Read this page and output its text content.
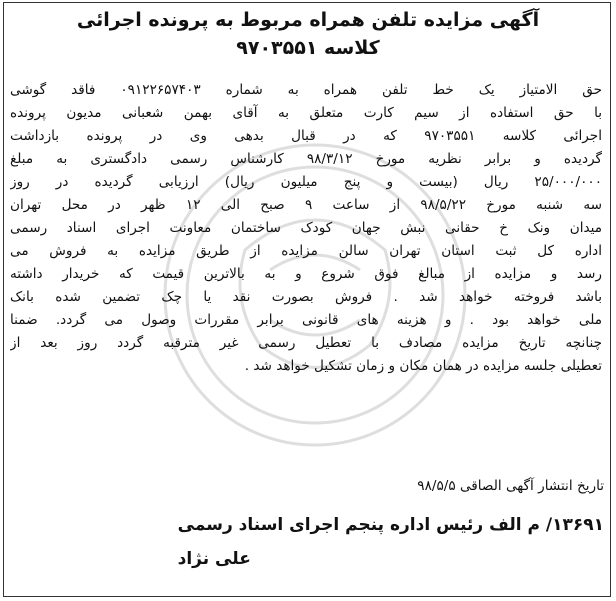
آگهی مزایده تلفن همراه مربوط به پرونده اجرائی
کلاسه ۹۷۰۳۵۵۱
حق الامتیاز یک خط تلفن همراه به شماره ۰۹۱۲۲۶۵۷۴۰۳ فاقد گوشی
با حق استفاده از سیم کارت متعلق به آقای بهمن شعبانی مدیون پرونده
اجرائی کلاسه ۹۷۰۳۵۵۱ که در قبال بدهی وی در پرونده بازداشت
گردیده و برابر نظریه مورخ ۹۸/۳/۱۲ کارشناس رسمی دادگستری به مبلغ
۲۵/۰۰۰/۰۰۰ ریال (بیست و پنج میلیون ریال) ارزیابی گردیده در روز
سه شنبه مورخ ۹۸/۵/۲۲ از ساعت ۹ صبح الی ۱۲ ظهر در محل تهران
میدان ونک خ حقانی نبش جهان کودک ساختمان معاونت اجرای اسناد رسمی
اداره کل ثبت استان تهران سالن مزایده از طریق مزایده به فروش می
رسد و مزایده از مبالغ فوق شروع و به بالاترین قیمت که خریدار داشته
باشد فروخته خواهد شد . فروش بصورت نقد یا چک تضمین شده بانک
ملی خواهد بود . و هزینه های قانونی برابر مقررات وصول می گردد. ضمنا
چنانچه تاریخ مزایده مصادف با تعطیل رسمی غیر مترقبه گردد روز بعد از
تعطیلی جلسه مزایده در همان مکان و زمان تشکیل خواهد شد .
تاریخ انتشار آگهی الصاقی ۹۸/۵/۵
۱۳۶۹۱/ م الف رئیس اداره پنجم اجرای اسناد رسمی
علی نژاد
